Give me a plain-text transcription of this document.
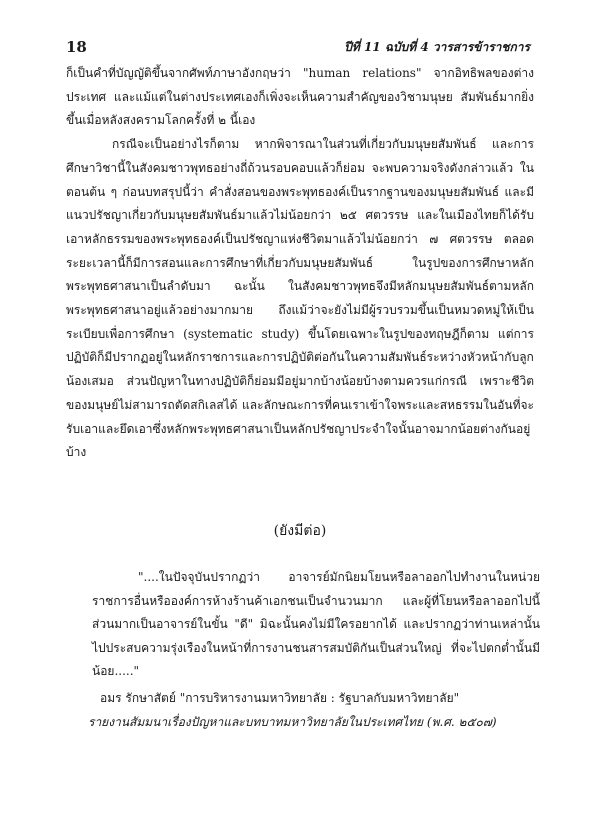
18	ปีที่ 11 ฉบับที่ 4 วารสารข้าราชการ

ก็เป็นคำที่บัญญัติขึ้นจากศัพท์ภาษาอังกฤษว่า "human relations" จากอิทธิพลของต่างประเทศ และแม้แต่ในต่างประเทศเองก็เพิ่งจะเห็นความสำคัญของวิชามนุษย สัมพันธ์มากยิ่งขึ้นเมื่อหลังสงครามโลกครั้งที่ ๒ นี้เอง

กรณีจะเป็นอย่างไรก็ตาม หากพิจารณาในส่วนที่เกี่ยวกับมนุษยสัมพันธ์ และการศึกษาวิชานี้ในสังคมชาวพุทธอย่างถี่ถ้วนรอบคอบแล้วก็ย่อม จะพบความจริงดังกล่าวแล้ว ในตอนต้น ๆ ก่อนบทสรุปนี้ว่า คำสั่งสอนของพระพุทธองค์เป็นรากฐานของมนุษยสัมพันธ์ และมีแนวปรัชญาเกี่ยวกับมนุษยสัมพันธ์มาแล้วไม่น้อยกว่า ๒๕ ศตวรรษ และในเมืองไทยก็ได้รับเอาหลักธรรมของพระพุทธองค์เป็นปรัชญาแห่งชีวิตมาแล้วไม่น้อยกว่า ๗ ศตวรรษ ตลอดระยะเวลานี้ก็มีการสอนและการศึกษาที่เกี่ยวกับมนุษยสัมพันธ์ ในรูปของการศึกษาหลักพระพุทธศาสนาเป็นลำดับมา ฉะนั้น ในสังคมชาวพุทธจึงมีหลักมนุษยสัมพันธ์ตามหลักพระพุทธศาสนาอยู่แล้วอย่างมากมาย ถึงแม้ว่าจะยังไม่มีผู้รวบรวมขึ้นเป็นหมวดหมู่ให้เป็นระเบียบเพื่อการศึกษา (systematic study) ขึ้นโดยเฉพาะในรูปของทฤษฎีก็ตาม แต่การปฏิบัติก็มีปรากฏอยู่ในหลักราชการและการปฏิบัติต่อกันในความสัมพันธ์ระหว่างหัวหน้ากับลูกน้องเสมอ ส่วนปัญหาในทางปฏิบัติก็ย่อมมีอยู่มากบ้างน้อยบ้างตามควรแก่กรณี เพราะชีวิตของมนุษย์ไม่สามารถตัดสกิเลสได้ และลักษณะการที่คนเราเข้าใจพระและสหธรรมในอันที่จะรับเอาและยึดเอาซึ่งหลักพระพุทธศาสนาเป็นหลักปรัชญาประจำใจนั้นอาจมากน้อยต่างกันอยู่บ้าง

(ยังมีต่อ)

"....ในปัจจุบันปรากฏว่า อาจารย์มักนิยมโยนหรือลาออกไปทำงานในหน่วยราชการอื่นหรือองค์การห้างร้านค้าเอกชนเป็นจำนวนมาก และผู้ที่โยนหรือลาออกไปนี้ส่วนมากเป็นอาจารย์ในขั้น "ดี" มิฉะนั้นคงไม่มีใครอยากได้ และปรากฏว่าท่านเหล่านั้นไปประสบความรุ่งเรืองในหน้าที่การงานชนสารสมบัติกันเป็นส่วนใหญ่ ที่จะไปตกต่ำนั้นมีน้อย....."

อมร รักษาสัตย์ "การบริหารงานมหาวิทยาลัย : รัฐบาลกับมหาวิทยาลัย"
รายงานสัมมนาเรื่องปัญหาและบทบาทมหาวิทยาลัยในประเทศไทย (พ.ศ. ๒๕๐๗)
